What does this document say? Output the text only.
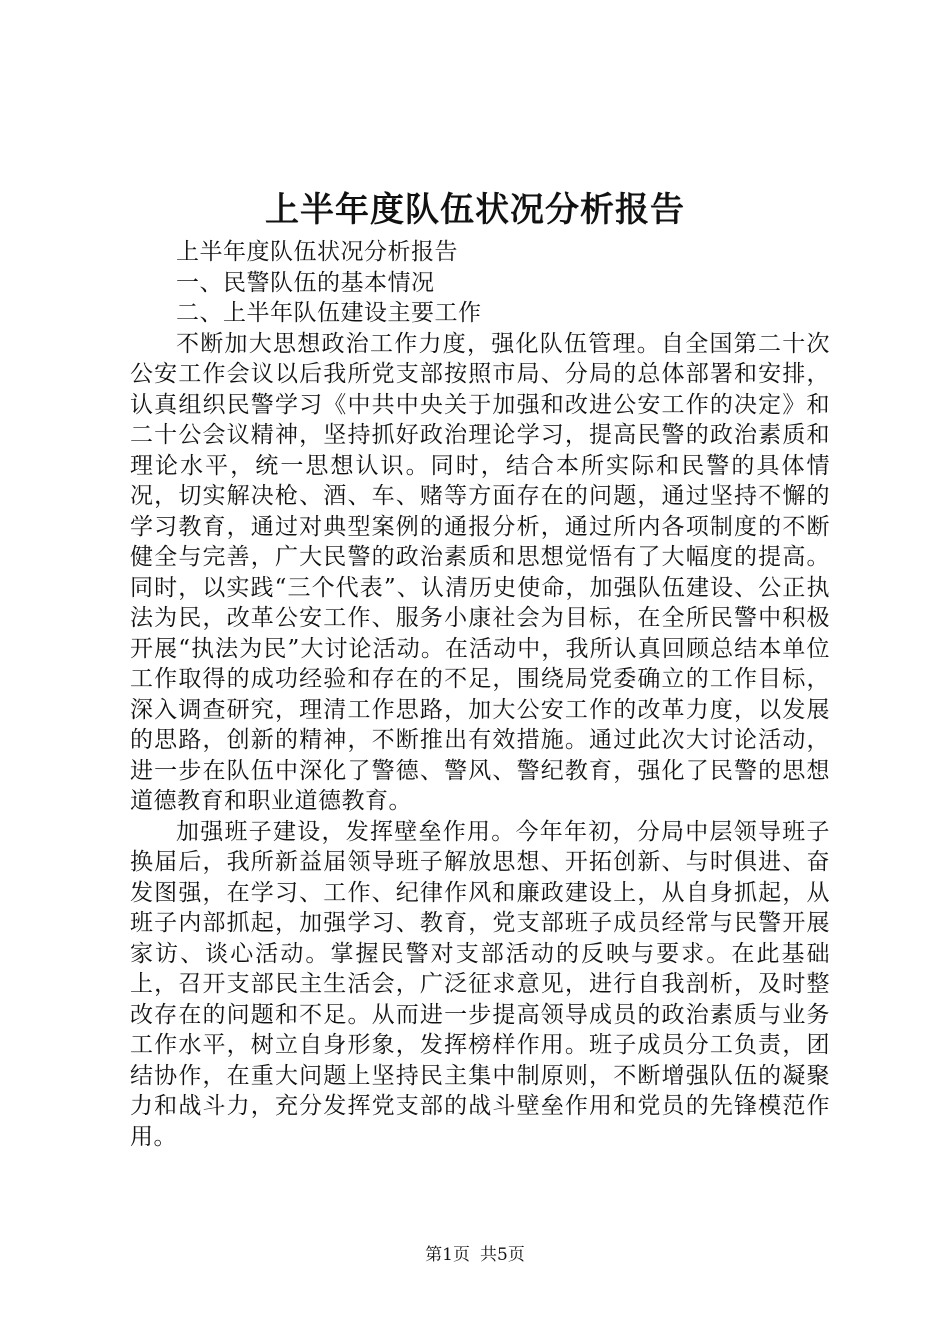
上半年度队伍状况分析报告

上半年度队伍状况分析报告

一、民警队伍的基本情况

二、上半年队伍建设主要工作

不断加大思想政治工作力度，强化队伍管理。自全国第二十次公安工作会议以后我所党支部按照市局、分局的总体部署和安排，认真组织民警学习《中共中央关于加强和改进公安工作的决定》和二十公会议精神，坚持抓好政治理论学习，提高民警的政治素质和理论水平，统一思想认识。同时，结合本所实际和民警的具体情况，切实解决枪、酒、车、赌等方面存在的问题，通过坚持不懈的学习教育，通过对典型案例的通报分析，通过所内各项制度的不断健全与完善，广大民警的政治素质和思想觉悟有了大幅度的提高。同时，以实践“三个代表”、认清历史使命，加强队伍建设、公正执法为民，改革公安工作、服务小康社会为目标，在全所民警中积极开展“执法为民”大讨论活动。在活动中，我所认真回顾总结本单位工作取得的成功经验和存在的不足，围绕局党委确立的工作目标，深入调查研究，理清工作思路，加大公安工作的改革力度，以发展的思路，创新的精神，不断推出有效措施。通过此次大讨论活动，进一步在队伍中深化了警德、警风、警纪教育，强化了民警的思想道德教育和职业道德教育。

加强班子建设，发挥壁垒作用。今年年初，分局中层领导班子换届后，我所新益届领导班子解放思想、开拓创新、与时俱进、奋发图强，在学习、工作、纪律作风和廉政建设上，从自身抓起，从班子内部抓起，加强学习、教育，党支部班子成员经常与民警开展家访、谈心活动。掌握民警对支部活动的反映与要求。在此基础上，召开支部民主生活会，广泛征求意见，进行自我剖析，及时整改存在的问题和不足。从而进一步提高领导成员的政治素质与业务工作水平，树立自身形象，发挥榜样作用。班子成员分工负责，团结协作，在重大问题上坚持民主集中制原则，不断增强队伍的凝聚力和战斗力，充分发挥党支部的战斗壁垒作用和党员的先锋模范作用。

第1页 共5页
